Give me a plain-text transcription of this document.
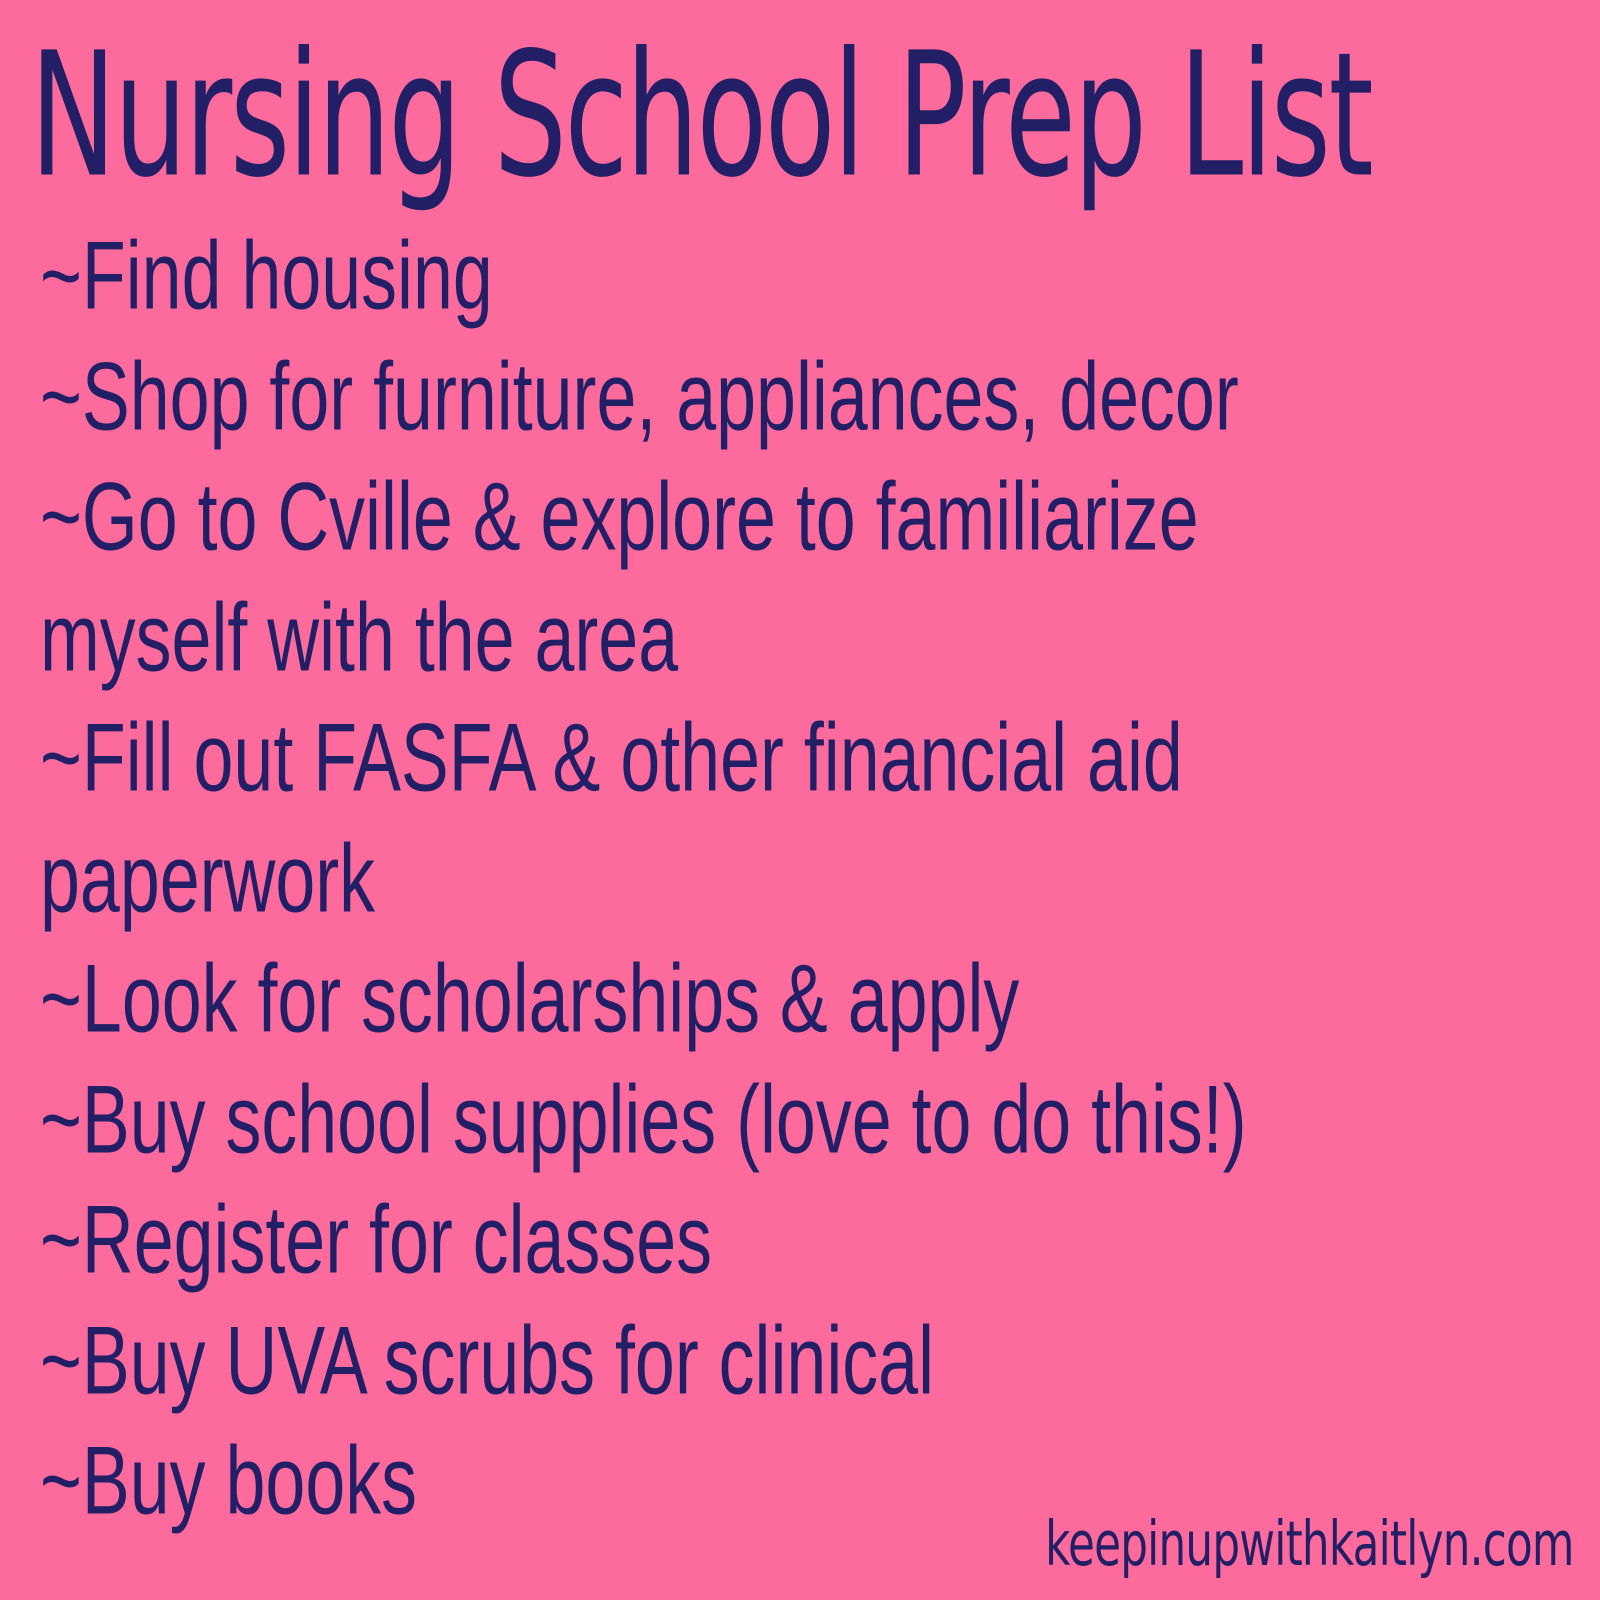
Nursing School Prep List
~Find housing
~Shop for furniture, appliances, decor
~Go to Cville & explore to familiarize
myself with the area
~Fill out FASFA & other financial aid
paperwork
~Look for scholarships & apply
~Buy school supplies (love to do this!)
~Register for classes
~Buy UVA scrubs for clinical
~Buy books
keepinupwithkaitlyn.com
